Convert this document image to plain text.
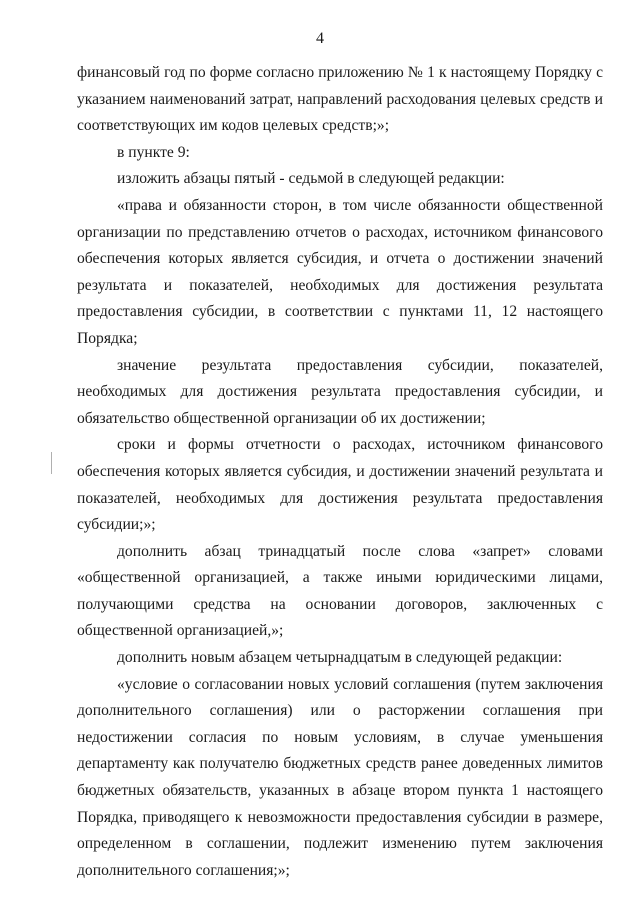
4

финансовый год по форме согласно приложению № 1 к настоящему Порядку с указанием наименований затрат, направлений расходования целевых средств и соответствующих им кодов целевых средств;»;

в пункте 9:

изложить абзацы пятый - седьмой в следующей редакции:

«права и обязанности сторон, в том числе обязанности общественной организации по представлению отчетов о расходах, источником финансового обеспечения которых является субсидия, и отчета о достижении значений результата и показателей, необходимых для достижения результата предоставления субсидии, в соответствии с пунктами 11, 12 настоящего Порядка;

значение результата предоставления субсидии, показателей, необходимых для достижения результата предоставления субсидии, и обязательство общественной организации об их достижении;

сроки и формы отчетности о расходах, источником финансового обеспечения которых является субсидия, и достижении значений результата и показателей, необходимых для достижения результата предоставления субсидии;»;

дополнить абзац тринадцатый после слова «запрет» словами «общественной организацией, а также иными юридическими лицами, получающими средства на основании договоров, заключенных с общественной организацией,»;

дополнить новым абзацем четырнадцатым в следующей редакции:

«условие о согласовании новых условий соглашения (путем заключения дополнительного соглашения) или о расторжении соглашения при недостижении согласия по новым условиям, в случае уменьшения департаменту как получателю бюджетных средств ранее доведенных лимитов бюджетных обязательств, указанных в абзаце втором пункта 1 настоящего Порядка, приводящего к невозможности предоставления субсидии в размере, определенном в соглашении, подлежит изменению путем заключения дополнительного соглашения;»;
